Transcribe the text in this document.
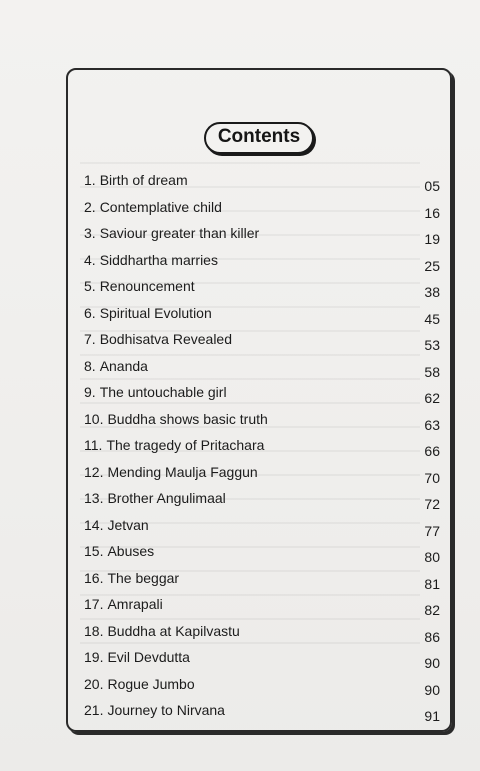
Contents
1. Birth of dream	05
2. Contemplative child	16
3. Saviour greater than killer	19
4. Siddhartha marries	25
5. Renouncement	38
6. Spiritual Evolution	45
7. Bodhisatva Revealed	53
8. Ananda	58
9. The untouchable girl	62
10. Buddha shows basic truth	63
11. The tragedy of Pritachara	66
12. Mending Maulja Faggun	70
13. Brother Angulimaal	72
14. Jetvan	77
15. Abuses	80
16. The beggar	81
17. Amrapali	82
18. Buddha at Kapilvastu	86
19. Evil Devdutta	90
20. Rogue Jumbo	90
21. Journey to Nirvana	91
